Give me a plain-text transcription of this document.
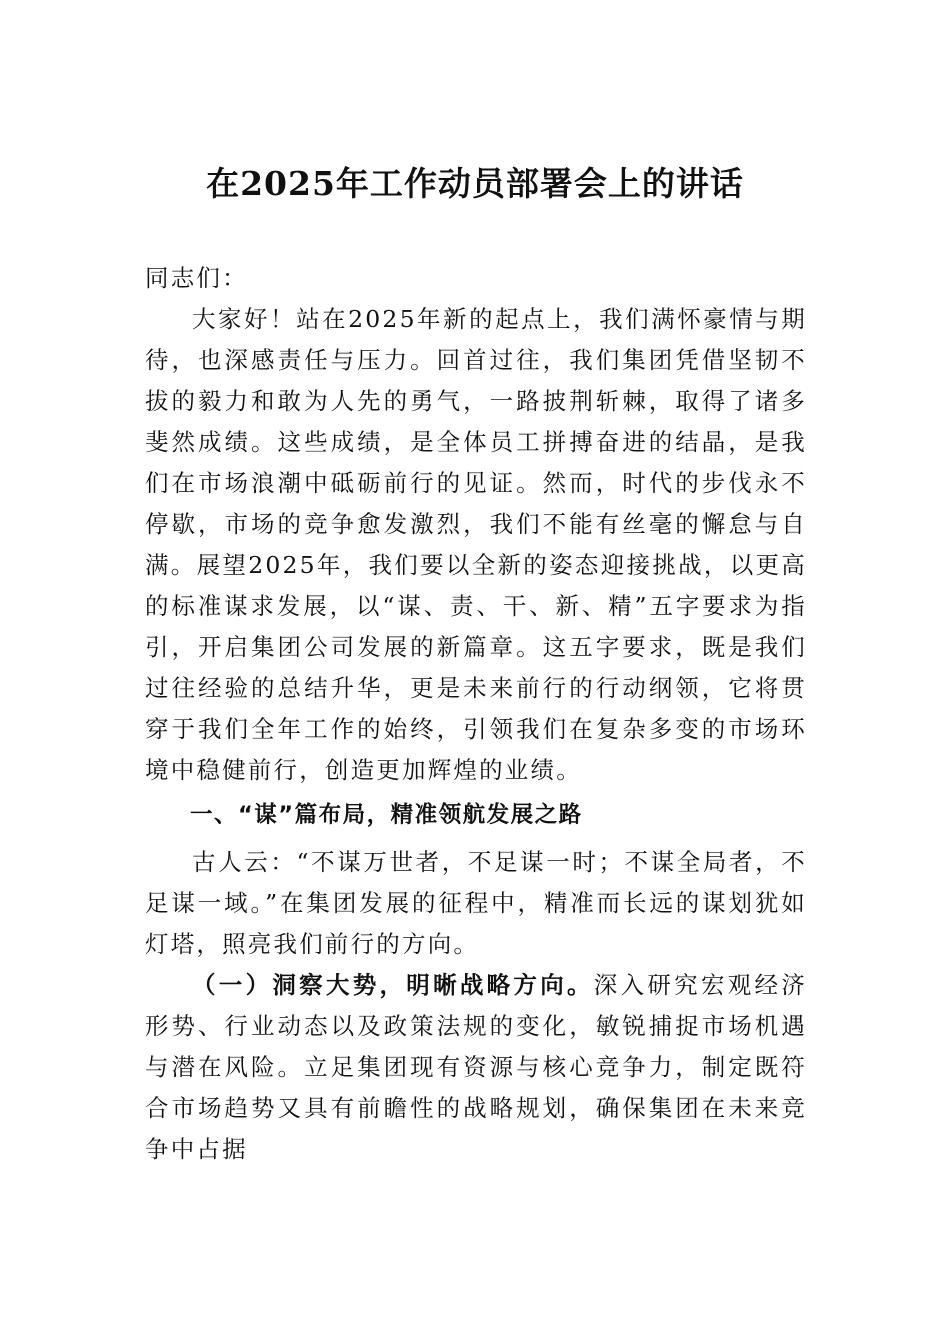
在2025年工作动员部署会上的讲话

同志们：

大家好！站在2025年新的起点上，我们满怀豪情与期待，也深感责任与压力。回首过往，我们集团凭借坚韧不拔的毅力和敢为人先的勇气，一路披荆斩棘，取得了诸多斐然成绩。这些成绩，是全体员工拼搏奋进的结晶，是我们在市场浪潮中砥砺前行的见证。然而，时代的步伐永不停歇，市场的竞争愈发激烈，我们不能有丝毫的懈怠与自满。展望2025年，我们要以全新的姿态迎接挑战，以更高的标准谋求发展，以“谋、责、干、新、精”五字要求为指引，开启集团公司发展的新篇章。这五字要求，既是我们过往经验的总结升华，更是未来前行的行动纲领，它将贯穿于我们全年工作的始终，引领我们在复杂多变的市场环境中稳健前行，创造更加辉煌的业绩。

一、“谋”篇布局，精准领航发展之路

古人云：“不谋万世者，不足谋一时；不谋全局者，不足谋一域。”在集团发展的征程中，精准而长远的谋划犹如灯塔，照亮我们前行的方向。

（一）洞察大势，明晰战略方向。深入研究宏观经济形势、行业动态以及政策法规的变化，敏锐捕捉市场机遇与潜在风险。立足集团现有资源与核心竞争力，制定既符合市场趋势又具有前瞻性的战略规划，确保集团在未来竞争中占据
